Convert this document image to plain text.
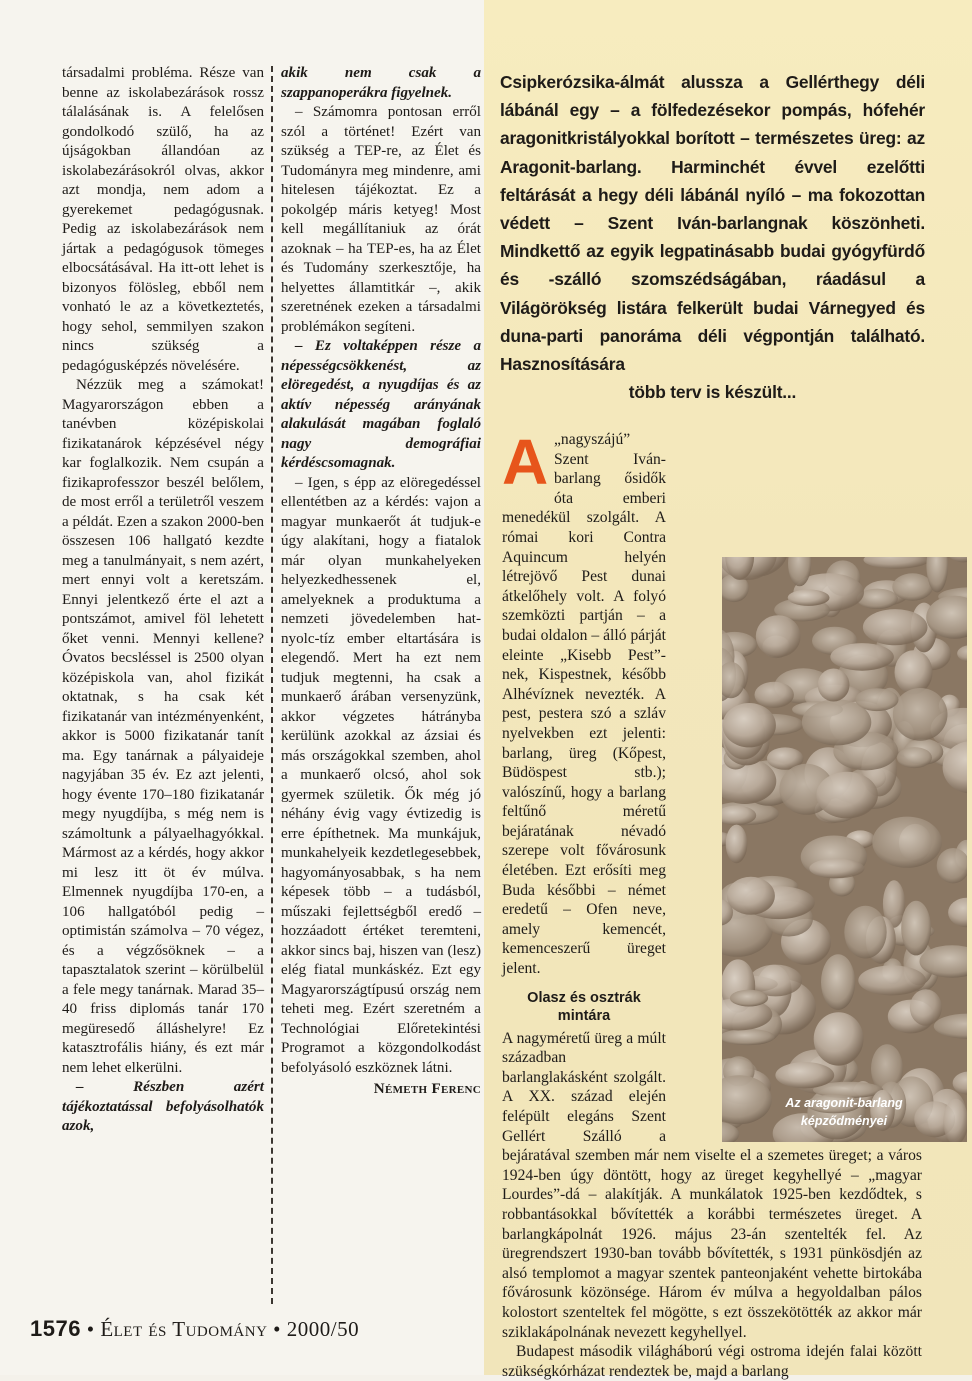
társadalmi probléma. Része van benne az iskolabezárások rossz tálalásának is. A felelősen gondolkodó szülő, ha az újságokban állandóan az iskolabezárásokról olvas, akkor azt mondja, nem adom a gyerekemet pedagógusnak. Pedig az iskolabezárások nem jártak a pedagógusok tömeges elbocsátásával. Ha itt-ott lehet is bizonyos fölösleg, ebből nem vonható le az a következtetés, hogy sehol, semmilyen szakon nincs szükség a pedagógusképzés növelésére.

Nézzük meg a számokat! Magyarországon ebben a tanévben középiskolai fizikatanárok képzésével négy kar foglalkozik. Nem csupán a fizikaprofesszor beszél belőlem, de most erről a területről veszem a példát. Ezen a szakon 2000-ben összesen 106 hallgató kezdte meg a tanulmányait, s nem azért, mert ennyi volt a keretszám. Ennyi jelentkező érte el azt a pontszámot, amivel föl lehetett őket venni. Mennyi kellene? Óvatos becsléssel is 2500 olyan középiskola van, ahol fizikát oktatnak, s ha csak két fizikatanár van intézményenként, akkor is 5000 fizikatanár tanít ma. Egy tanárnak a pályaideje nagyjában 35 év. Ez azt jelenti, hogy évente 170–180 fizikatanár megy nyugdíjba, s még nem is számoltunk a pályaelhagyókkal. Mármost az a kérdés, hogy akkor mi lesz itt öt év múlva. Elmennek nyugdíjba 170-en, a 106 hallgatóból pedig – optimistán számolva – 70 végez, és a végzősöknek – a tapasztalatok szerint – körülbelül a fele megy tanárnak. Marad 35–40 friss diplomás tanár 170 megüresedő álláshelyre! Ez katasztrofális hiány, és ezt már nem lehet elkerülni.

– Részben azért tájékoztatással befolyásolhatók azok,

akik nem csak a szappanoperákra figyelnek.

– Számomra pontosan erről szól a történet! Ezért van szükség a TEP-re, az Élet és Tudományra meg mindenre, ami hitelesen tájékoztat. Ez a pokolgép máris ketyeg! Most kell megállítaniuk az órát azoknak – ha TEP-es, ha az Élet és Tudomány szerkesztője, ha helyettes államtitkár –, akik szeretnének ezeken a társadalmi problémákon segíteni.

– Ez voltaképpen része a népességcsökkenést, az elöregedést, a nyugdíjas és az aktív népesség arányának alakulását magában foglaló nagy demográfiai kérdéscsomagnak.

– Igen, s épp az elöregedéssel ellentétben az a kérdés: vajon a magyar munkaerőt át tudjuk-e úgy alakítani, hogy a fiatalok már olyan munkahelyeken helyezkedhessenek el, amelyeknek a produktuma a nemzeti jövedelemben hat-nyolc-tíz ember eltartására is elegendő. Mert ha ezt nem tudjuk megtenni, ha csak a munkaerő árában versenyzünk, akkor végzetes hátrányba kerülünk azokkal az ázsiai és más országokkal szemben, ahol a munkaerő olcsó, ahol sok gyermek születik. Ők még jó néhány évig vagy évtizedig is erre építhetnek. Ma munkájuk, munkahelyeik kezdetlegesebbek, hagyományosabbak, s ha nem képesek több – a tudásból, műszaki fejlettségből eredő – hozzáadott értéket teremteni, akkor sincs baj, hiszen van (lesz) elég fiatal munkáskéz. Ezt egy Magyarországtípusú ország nem teheti meg. Ezért szeretném a Technológiai Előretekintési Programot a közgondolkodást befolyásoló eszköznek látni.

Németh Ferenc

1576 • Élet és Tudomány • 2000/50
Csipkerózsika-álmát alussza a Gellérthegy déli lábánál egy – a fölfedezésekor pompás, hófehér aragonitkristályokkal borított – természetes üreg: az Aragonit-barlang. Harminchét évvel ezelőtti feltárását a hegy déli lábánál nyíló – ma fokozottan védett – Szent Iván-barlangnak köszönheti. Mindkettő az egyik legpatinásabb budai gyógyfürdő és -szálló szomszédságában, ráadásul a Világörökség listára felkerült budai Várnegyed és duna-parti panoráma déli végpontján található. Hasznosítására
több terv is készült...

A „nagyszájú” Szent Iván-barlang ősidők óta emberi menedékül szolgált. A római kori Contra Aquincum helyén létrejövő Pest dunai átkelőhely volt. A folyó szemközti partján – a budai oldalon – álló párját eleinte „Kisebb Pest”-nek, Kispestnek, később Alhévíznek nevezték. A pest, pestera szó a szláv nyelvekben ezt jelenti: barlang, üreg (Kőpest, Büdöspest stb.); valószínű, hogy a barlang feltűnő méretű bejáratának névadó szerepe volt fővárosunk életében. Ezt erősíti meg Buda későbbi – német eredetű – Ofen neve, amely kemencét, kemenceszerű üreget jelent.

Olasz és osztrák
mintára

A nagyméretű üreg a múlt században barlanglakásként szolgált. A XX. század elején felépült elegáns Szent Gellért Szálló a bejáratával szemben már nem viselte el a szemetes üreget; a város 1924-ben úgy döntött, hogy az üreget kegyhellyé – „magyar Lourdes”-dá – alakítják. A munkálatok 1925-ben kezdődtek, s robbantásokkal bővítették a korábbi természetes üreget. A barlangkápolnát 1926. május 23-án szentelték fel. Az üregrendszert 1930-ban tovább bővítették, s 1931 pünkösdjén az alsó templomot a magyar szentek panteonjaként vehette birtokába fővárosunk közönsége. Három év múlva a hegyoldalban pálos kolostort szenteltek fel mögötte, s ezt összekötötték az akkor már sziklakápolnának nevezett kegyhellyel.

Budapest második világháború végi ostroma idején falai között szükségkórházat rendeztek be, majd a barlang

Az aragonit-barlang
képződményei
